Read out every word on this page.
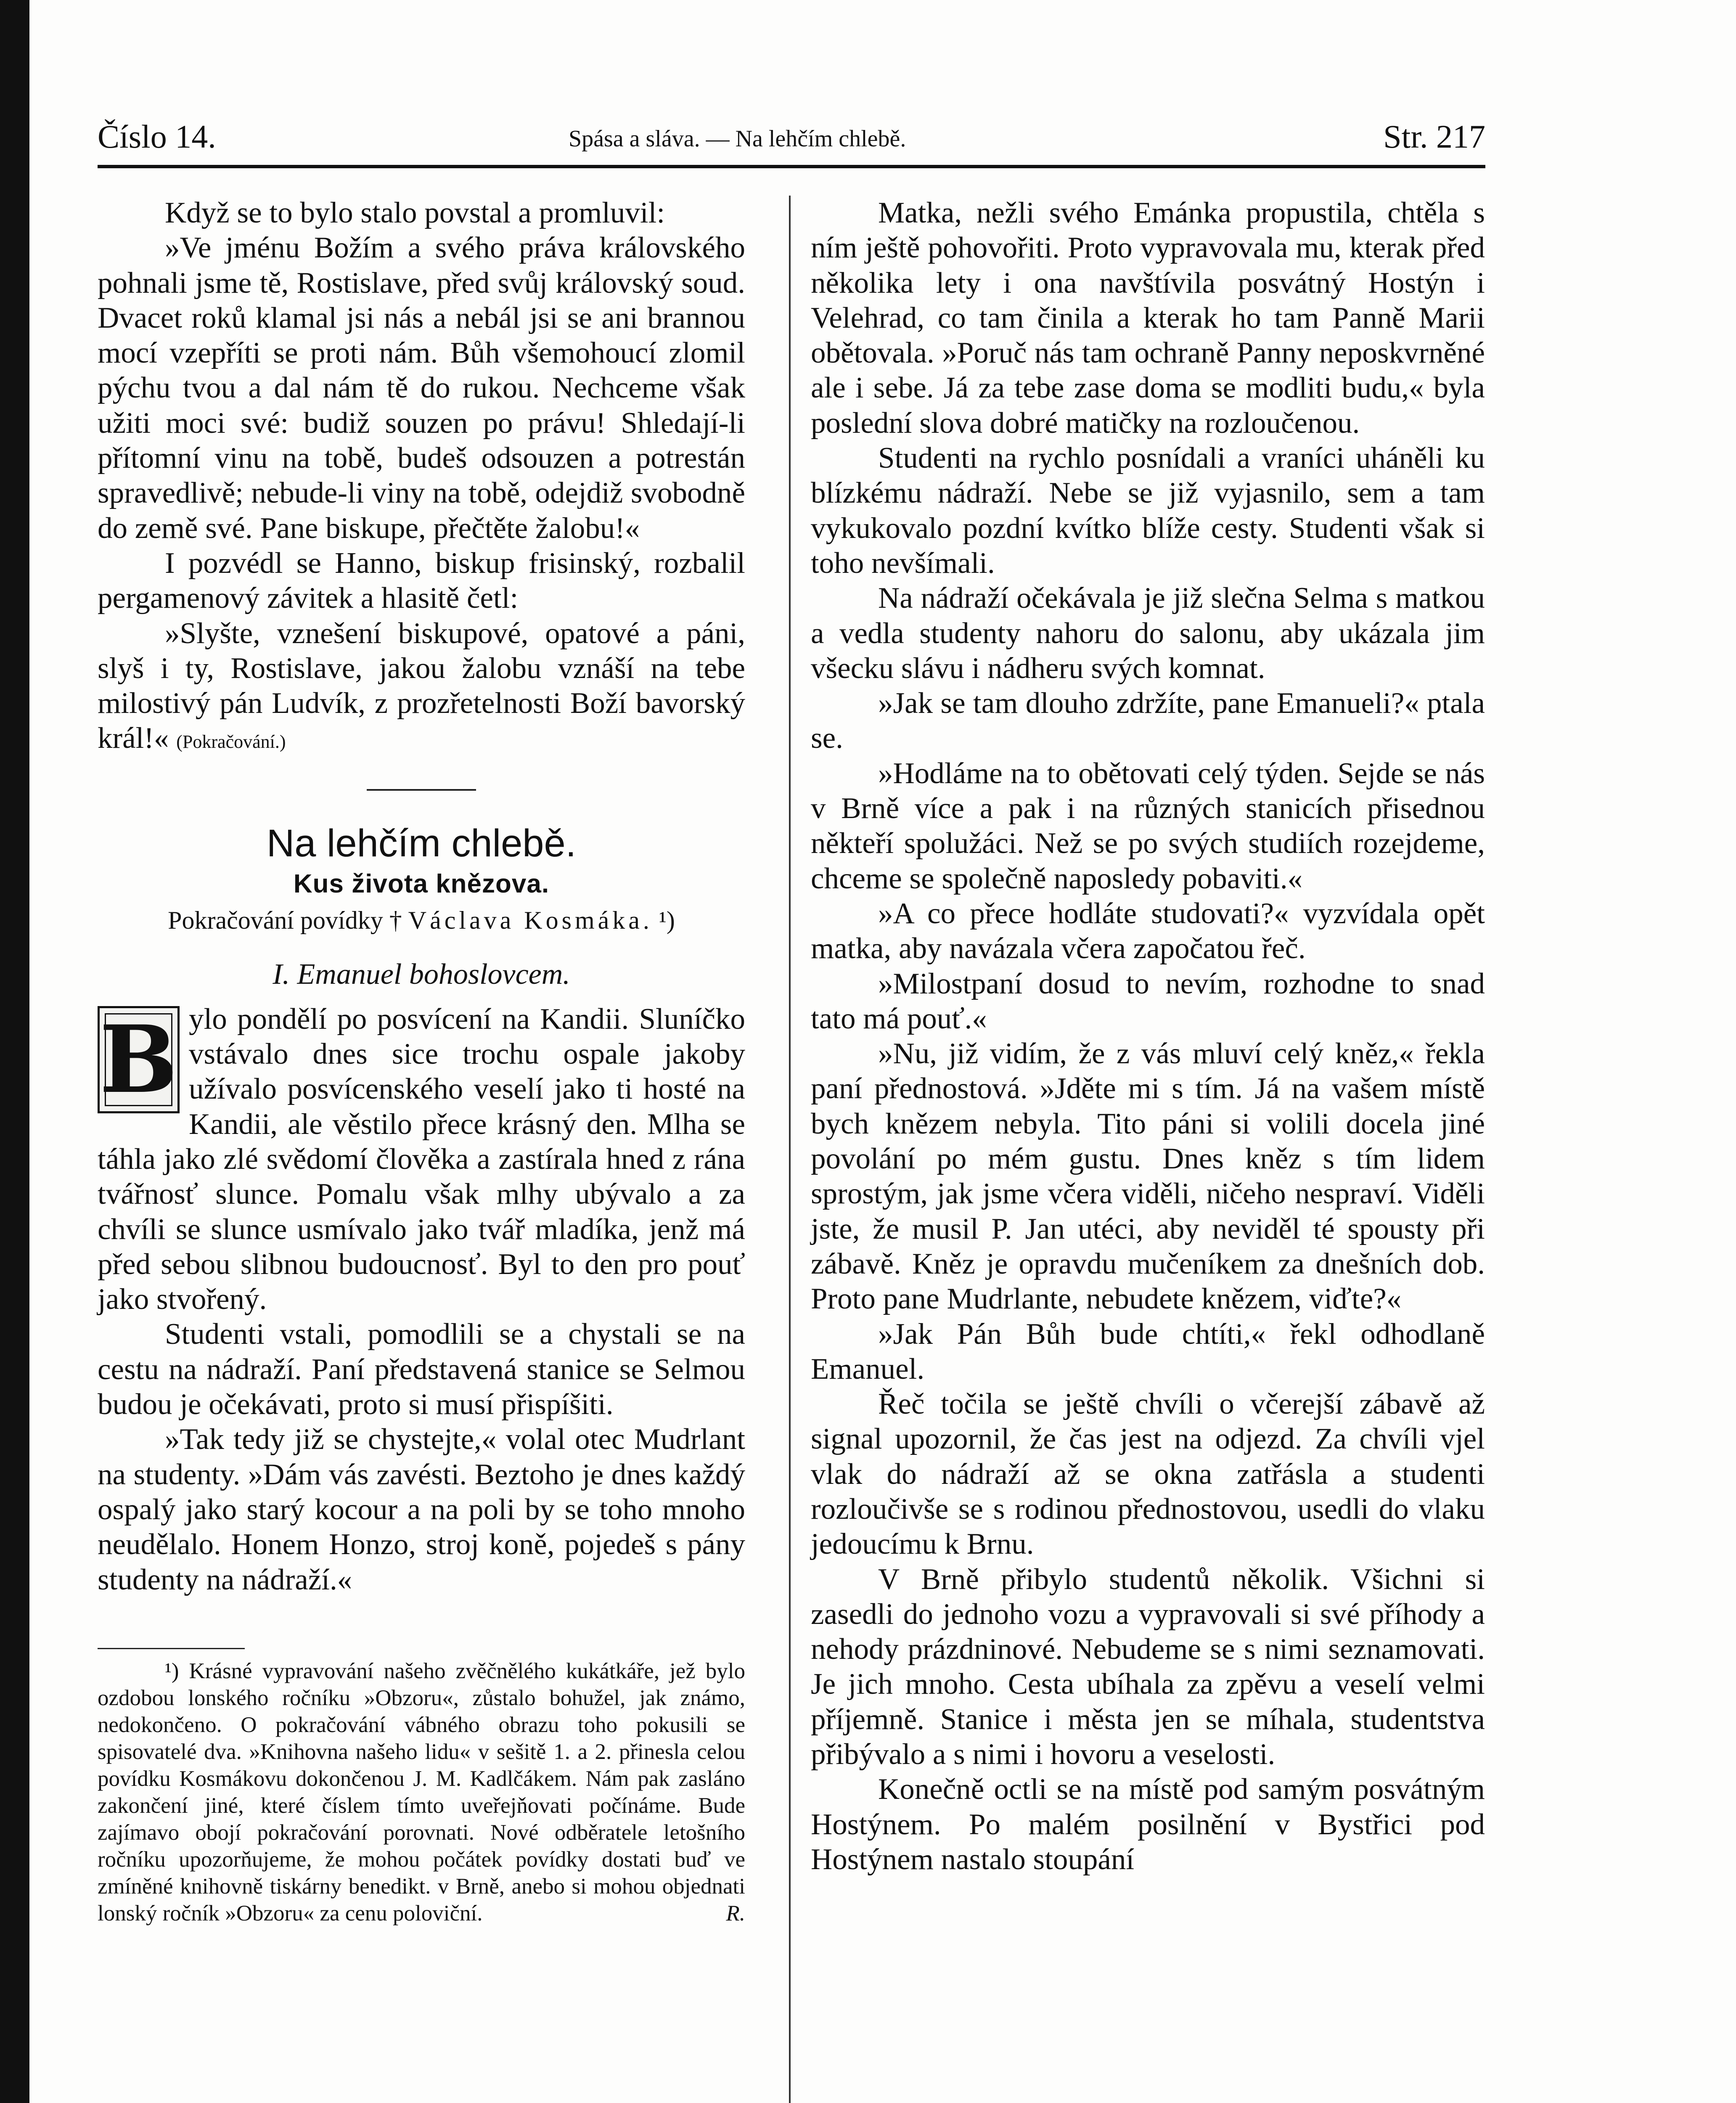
Číslo 14.	Spása a sláva. — Na lehčím chlebě.	Str. 217

Když se to bylo stalo povstal a promluvil:

»Ve jménu Božím a svého práva královského pohnali jsme tě, Rostislave, před svůj královský soud. Dvacet roků klamal jsi nás a nebál jsi se ani brannou mocí vzepříti se proti nám. Bůh všemohoucí zlomil pýchu tvou a dal nám tě do rukou. Nechceme však užiti moci své: budiž souzen po právu! Shledají-li přítomní vinu na tobě, budeš odsouzen a potrestán spravedlivě; nebude-li viny na tobě, odejdiž svobodně do země své. Pane biskupe, přečtěte žalobu!«

I pozvédl se Hanno, biskup frisinský, rozbalil pergamenový závitek a hlasitě četl:

»Slyšte, vznešení biskupové, opatové a páni, slyš i ty, Rostislave, jakou žalobu vznáší na tebe milostivý pán Ludvík, z prozřetelnosti Boží bavorský král!« (Pokračování.)

Na lehčím chlebě.
Kus života knězova.
Pokračování povídky † Václava Kosmáka. ¹)
I. Emanuel bohoslovcem.

B ylo pondělí po posvícení na Kandii. Sluníčko vstávalo dnes sice trochu ospale jakoby užívalo posvícenského veselí jako ti hosté na Kandii, ale věstilo přece krásný den. Mlha se táhla jako zlé svědomí člověka a zastírala hned z rána tvářnosť slunce. Pomalu však mlhy ubývalo a za chvíli se slunce usmívalo jako tvář mladíka, jenž má před sebou slibnou budoucnosť. Byl to den pro pouť jako stvořený.

Studenti vstali, pomodlili se a chystali se na cestu na nádraží. Paní představená stanice se Selmou budou je očekávati, proto si musí přispíšiti.

»Tak tedy již se chystejte,« volal otec Mudrlant na studenty. »Dám vás zavésti. Beztoho je dnes každý ospalý jako starý kocour a na poli by se toho mnoho neudělalo. Honem Honzo, stroj koně, pojedeš s pány studenty na nádraží.«

¹) Krásné vypravování našeho zvěčnělého kukátkáře, jež bylo ozdobou lonského ročníku »Obzoru«, zůstalo bohužel, jak známo, nedokončeno. O pokračování vábného obrazu toho pokusili se spisovatelé dva. »Knihovna našeho lidu« v sešitě 1. a 2. přinesla celou povídku Kosmákovu dokončenou J. M. Kadlčákem. Nám pak zasláno zakončení jiné, které číslem tímto uveřejňovati počínáme. Bude zajímavo obojí pokračování porovnati. Nové odběratele letošního ročníku upozorňujeme, že mohou počátek povídky dostati buď ve zmíněné knihovně tiskárny benedikt. v Brně, anebo si mohou objednati lonský ročník »Obzoru« za cenu poloviční.	R.

Matka, nežli svého Emánka propustila, chtěla s ním ještě pohovořiti. Proto vypravovala mu, kterak před několika lety i ona navštívila posvátný Hostýn i Velehrad, co tam činila a kterak ho tam Panně Marii obětovala. »Poruč nás tam ochraně Panny neposkvrněné ale i sebe. Já za tebe zase doma se modliti budu,« byla poslední slova dobré matičky na rozloučenou.

Studenti na rychlo posnídali a vraníci uháněli ku blízkému nádraží. Nebe se již vyjasnilo, sem a tam vykukovalo pozdní kvítko blíže cesty. Studenti však si toho nevšímali.

Na nádraží očekávala je již slečna Selma s matkou a vedla studenty nahoru do salonu, aby ukázala jim všecku slávu i nádheru svých komnat.

»Jak se tam dlouho zdržíte, pane Emanueli?« ptala se.

»Hodláme na to obětovati celý týden. Sejde se nás v Brně více a pak i na různých stanicích přisednou někteří spolužáci. Než se po svých studiích rozejdeme, chceme se společně naposledy pobaviti.«

»A co přece hodláte studovati?« vyzvídala opět matka, aby navázala včera započatou řeč.

»Milostpaní dosud to nevím, rozhodne to snad tato má pouť.«

»Nu, již vidím, že z vás mluví celý kněz,« řekla paní přednostová. »Jděte mi s tím. Já na vašem místě bych knězem nebyla. Tito páni si volili docela jiné povolání po mém gustu. Dnes kněz s tím lidem sprostým, jak jsme včera viděli, ničeho nespraví. Viděli jste, že musil P. Jan utéci, aby neviděl té spousty při zábavě. Kněz je opravdu mučeníkem za dnešních dob. Proto pane Mudrlante, nebudete knězem, viďte?«

»Jak Pán Bůh bude chtíti,« řekl odhodlaně Emanuel.

Řeč točila se ještě chvíli o včerejší zábavě až signal upozornil, že čas jest na odjezd. Za chvíli vjel vlak do nádraží až se okna zatřásla a studenti rozloučivše se s rodinou přednostovou, usedli do vlaku jedoucímu k Brnu.

V Brně přibylo studentů několik. Všichni si zasedli do jednoho vozu a vypravovali si své příhody a nehody prázdninové. Nebudeme se s nimi seznamovati. Je jich mnoho. Cesta ubíhala za zpěvu a veselí velmi příjemně. Stanice i města jen se míhala, studentstva přibývalo a s nimi i hovoru a veselosti.

Konečně octli se na místě pod samým posvátným Hostýnem. Po malém posilnění v Bystřici pod Hostýnem nastalo stoupání
